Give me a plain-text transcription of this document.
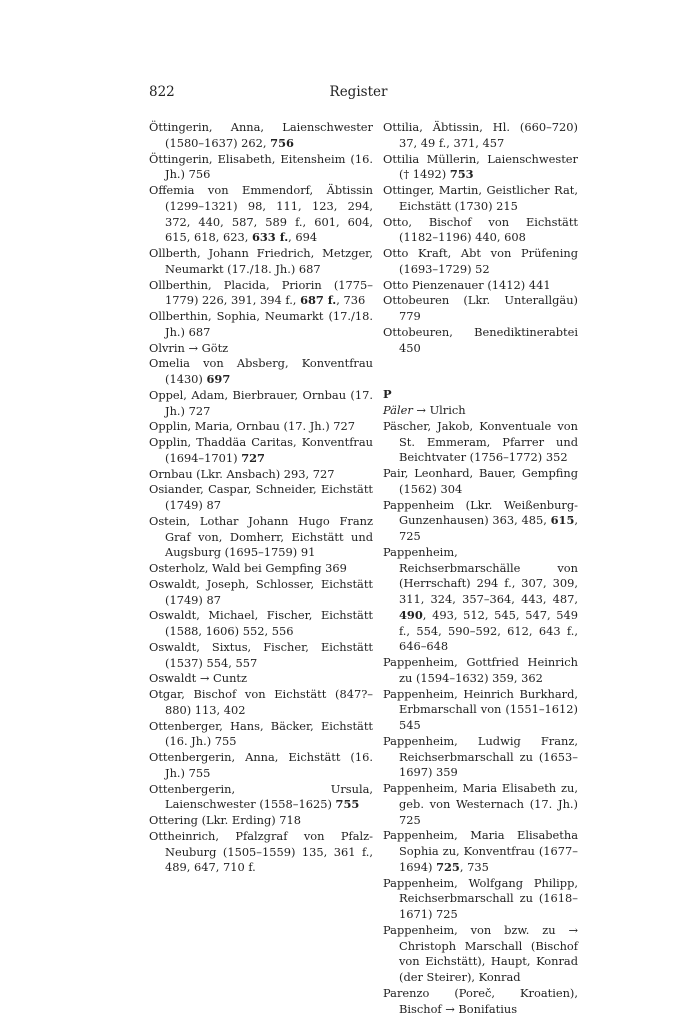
822	Register
Öttingerin, Anna, Laienschwester (1580–1637) 262, 756
Öttingerin, Elisabeth, Eitensheim (16. Jh.) 756
Offemia von Emmendorf, Äbtissin (1299–1321) 98, 111, 123, 294, 372, 440, 587, 589 f., 601, 604, 615, 618, 623, 633 f., 694
Ollberth, Johann Friedrich, Metzger, Neumarkt (17./18. Jh.) 687
Ollberthin, Placida, Priorin (1775–1779) 226, 391, 394 f., 687 f., 736
Ollberthin, Sophia, Neumarkt (17./18. Jh.) 687
Olvrin → Götz
Omelia von Absberg, Konventfrau (1430) 697
Oppel, Adam, Bierbrauer, Ornbau (17. Jh.) 727
Opplin, Maria, Ornbau (17. Jh.) 727
Opplin, Thaddäa Caritas, Konventfrau (1694–1701) 727
Ornbau (Lkr. Ansbach) 293, 727
Osiander, Caspar, Schneider, Eichstätt (1749) 87
Ostein, Lothar Johann Hugo Franz Graf von, Domherr, Eichstätt und Augsburg (1695–1759) 91
Osterholz, Wald bei Gempfing 369
Oswaldt, Joseph, Schlosser, Eichstätt (1749) 87
Oswaldt, Michael, Fischer, Eichstätt (1588, 1606) 552, 556
Oswaldt, Sixtus, Fischer, Eichstätt (1537) 554, 557
Oswaldt → Cuntz
Otgar, Bischof von Eichstätt (847?–880) 113, 402
Ottenberger, Hans, Bäcker, Eichstätt (16. Jh.) 755
Ottenbergerin, Anna, Eichstätt (16. Jh.) 755
Ottenbergerin, Ursula, Laienschwester (1558–1625) 755
Ottering (Lkr. Erding) 718
Ottheinrich, Pfalzgraf von Pfalz-Neuburg (1505–1559) 135, 361 f., 489, 647, 710 f.
Ottilia, Äbtissin, Hl. (660–720) 37, 49 f., 371, 457
Ottilia Müllerin, Laienschwester († 1492) 753
Ottinger, Martin, Geistlicher Rat, Eichstätt (1730) 215
Otto, Bischof von Eichstätt (1182–1196) 440, 608
Otto Kraft, Abt von Prüfening (1693–1729) 52
Otto Pienzenauer (1412) 441
Ottobeuren (Lkr. Unterallgäu) 779
Ottobeuren, Benediktinerabtei 450
P
Päler → Ulrich
Päscher, Jakob, Konventuale von St. Emmeram, Pfarrer und Beichtvater (1756–1772) 352
Pair, Leonhard, Bauer, Gempfing (1562) 304
Pappenheim (Lkr. Weißenburg-Gunzenhausen) 363, 485, 615, 725
Pappenheim, Reichserbmarschälle von (Herrschaft) 294 f., 307, 309, 311, 324, 357–364, 443, 487, 490, 493, 512, 545, 547, 549 f., 554, 590–592, 612, 643 f., 646–648
Pappenheim, Gottfried Heinrich zu (1594–1632) 359, 362
Pappenheim, Heinrich Burkhard, Erbmarschall von (1551–1612) 545
Pappenheim, Ludwig Franz, Reichserbmarschall zu (1653–1697) 359
Pappenheim, Maria Elisabeth zu, geb. von Westernach (17. Jh.) 725
Pappenheim, Maria Elisabetha Sophia zu, Konventfrau (1677–1694) 725, 735
Pappenheim, Wolfgang Philipp, Reichserbmarschall zu (1618–1671) 725
Pappenheim, von bzw. zu → Christoph Marschall (Bischof von Eichstätt), Haupt, Konrad (der Steirer), Konrad
Parenzo (Poreč, Kroatien), Bischof → Bonifatius
